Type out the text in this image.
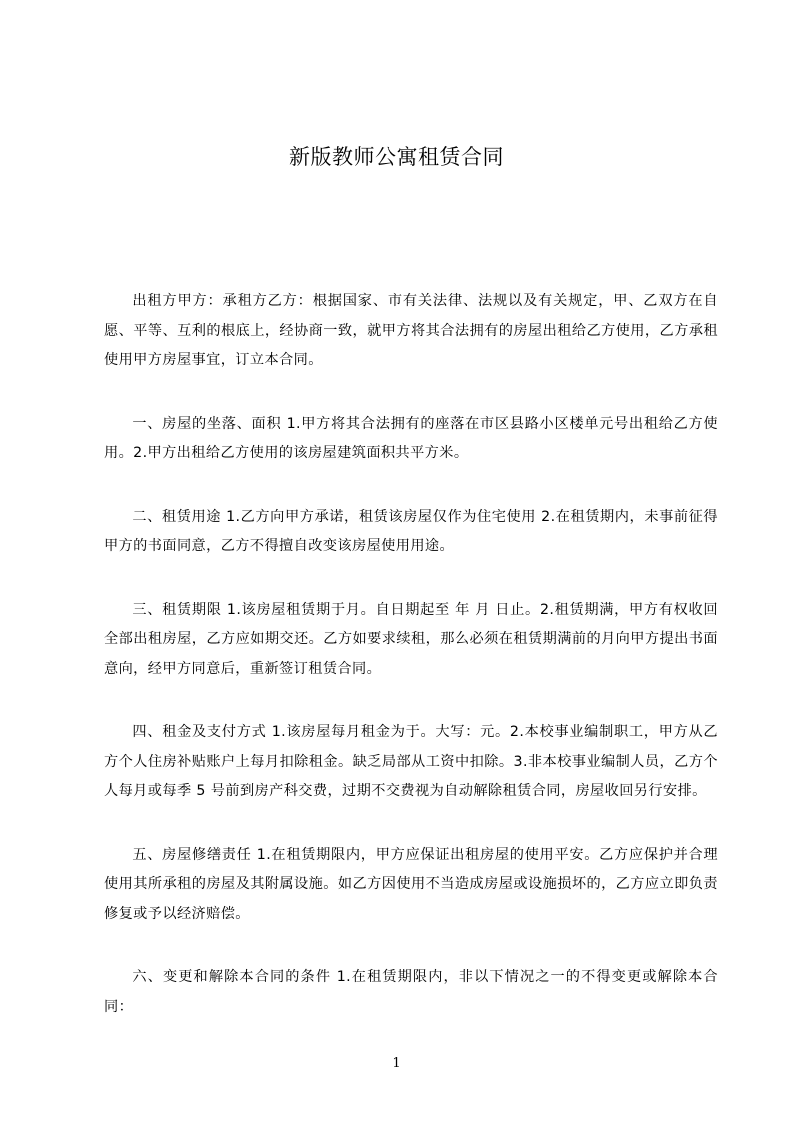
新版教师公寓租赁合同

出租方甲方：承租方乙方：根据国家、市有关法律、法规以及有关规定，甲、乙双方在自愿、平等、互利的根底上，经协商一致，就甲方将其合法拥有的房屋出租给乙方使用，乙方承租使用甲方房屋事宜，订立本合同。

一、房屋的坐落、面积 1.甲方将其合法拥有的座落在市区县路小区楼单元号出租给乙方使用。2.甲方出租给乙方使用的该房屋建筑面积共平方米。

二、租赁用途 1.乙方向甲方承诺，租赁该房屋仅作为住宅使用 2.在租赁期内，未事前征得甲方的书面同意，乙方不得擅自改变该房屋使用用途。

三、租赁期限 1.该房屋租赁期于月。自日期起至 年 月 日止。2.租赁期满，甲方有权收回全部出租房屋，乙方应如期交还。乙方如要求续租，那么必须在租赁期满前的月向甲方提出书面意向，经甲方同意后，重新签订租赁合同。

四、租金及支付方式 1.该房屋每月租金为于。大写：元。2.本校事业编制职工，甲方从乙方个人住房补贴账户上每月扣除租金。缺乏局部从工资中扣除。3.非本校事业编制人员，乙方个人每月或每季 5 号前到房产科交费，过期不交费视为自动解除租赁合同，房屋收回另行安排。

五、房屋修缮责任 1.在租赁期限内，甲方应保证出租房屋的使用平安。乙方应保护并合理使用其所承租的房屋及其附属设施。如乙方因使用不当造成房屋或设施损坏的，乙方应立即负责修复或予以经济赔偿。

六、变更和解除本合同的条件 1.在租赁期限内，非以下情况之一的不得变更或解除本合同：

1
